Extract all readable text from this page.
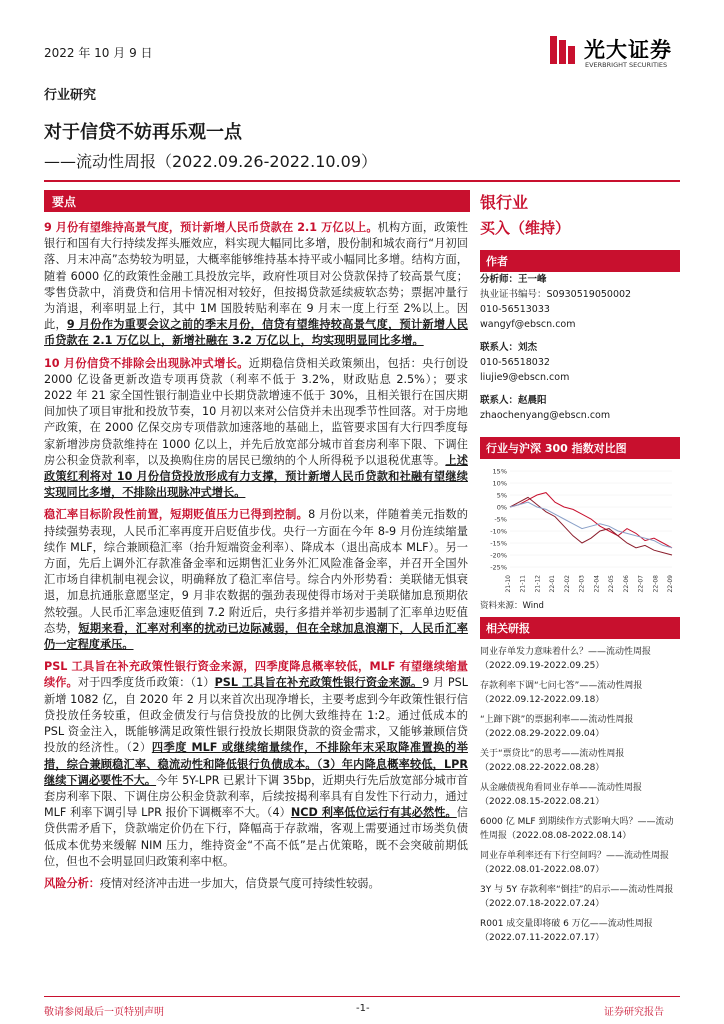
2022 年 10 月 9 日	光大证券
EVERBRIGHT SECURITIES
行业研究
对于信贷不妨再乐观一点
——流动性周报（2022.09.26-2022.10.09）
要点

9 月份有望维持高景气度，预计新增人民币贷款在 2.1 万亿以上。机构方面，政策性银行和国有大行持续发挥头雁效应，料实现大幅同比多增，股份制和城农商行“月初回落、月末冲高”态势较为明显，大概率能够维持基本持平或小幅同比多增。结构方面，随着 6000 亿的政策性金融工具投放完毕，政府性项目对公贷款保持了较高景气度；零售贷款中，消费贷和信用卡情况相对较好，但按揭贷款延续疲软态势；票据冲量行为消退，利率明显上行，其中 1M 国股转贴利率在 9 月末一度上行至 2%以上。因此，9 月份作为重要会议之前的季末月份，信贷有望维持较高景气度，预计新增人民币贷款在 2.1 万亿以上，新增社融在 3.2 万亿以上，均实现明显同比多增。

10 月份信贷不排除会出现脉冲式增长。近期稳信贷相关政策频出，包括：央行创设 2000 亿设备更新改造专项再贷款（利率不低于 3.2%，财政贴息 2.5%）；要求 2022 年 21 家全国性银行制造业中长期贷款增速不低于 30%，且相关银行在国庆期间加快了项目审批和投放节奏，10 月初以来对公信贷并未出现季节性回落。对于房地产政策，在 2000 亿保交房专项借款加速落地的基础上，监管要求国有大行四季度每家新增涉房贷款维持在 1000 亿以上，并先后放宽部分城市首套房利率下限、下调住房公积金贷款利率，以及换购住房的居民已缴纳的个人所得税予以退税优惠等。上述政策红利将对 10 月份信贷投放形成有力支撑，预计新增人民币贷款和社融有望继续实现同比多增，不排除出现脉冲式增长。

稳汇率目标阶段性前置，短期贬值压力已得到控制。8 月份以来，伴随着美元指数的持续强势表现，人民币汇率再度开启贬值步伐。央行一方面在今年 8-9 月份连续缩量续作 MLF，综合兼顾稳汇率（抬升短端资金利率）、降成本（退出高成本 MLF）。另一方面，先后上调外汇存款准备金率和远期售汇业务外汇风险准备金率，并召开全国外汇市场自律机制电视会议，明确释放了稳汇率信号。综合内外形势看：美联储无惧衰退，加息抗通胀意愿坚定，9 月非农数据的强劲表现使得市场对于美联储加息预期依然较强。人民币汇率急速贬值到 7.2 附近后，央行多措并举初步遏制了汇率单边贬值态势，短期来看，汇率对利率的扰动已边际减弱，但在全球加息浪潮下，人民币汇率仍一定程度承压。

PSL 工具旨在补充政策性银行资金来源，四季度降息概率较低，MLF 有望继续缩量续作。对于四季度货币政策：（1）PSL 工具旨在补充政策性银行资金来源。9 月 PSL 新增 1082 亿，自 2020 年 2 月以来首次出现净增长，主要考虑到今年政策性银行信贷投放任务较重，但政金债发行与信贷投放的比例大致维持在 1:2。通过低成本的 PSL 资金注入，既能够满足政策性银行投放长期限贷款的资金需求，又能够兼顾信贷投放的经济性。（2）四季度 MLF 或继续缩量续作，不排除年末采取降准置换的举措，综合兼顾稳汇率、稳流动性和降低银行负债成本。（3）年内降息概率较低，LPR 继续下调必要性不大。今年 5Y-LPR 已累计下调 35bp，近期央行先后放宽部分城市首套房利率下限、下调住房公积金贷款利率，后续按揭利率具有自发性下行动力，通过 MLF 利率下调引导 LPR 报价下调概率不大。（4）NCD 利率低位运行有其必然性。信贷供需矛盾下，贷款端定价仍在下行，降幅高于存款端，客观上需要通过市场类负债低成本优势来缓解 NIM 压力，维持资金“不高不低”是占优策略，既不会突破前期低位，但也不会明显回归政策利率中枢。

风险分析：疫情对经济冲击进一步加大，信贷景气度可持续性较弱。

银行业
买入（维持）
作者
分析师：王一峰
执业证书编号：S0930519050002
010-56513033
wangyf@ebscn.com
联系人：刘杰
010-56518032
liujie9@ebscn.com
联系人：赵晨阳
zhaochenyang@ebscn.com
行业与沪深 300 指数对比图
15%
10%
5%
0%
-5%
-10%
-15%
-20%
-25%
21-10 21-11 21-12 22-01 22-02 22-03 22-04 22-05 22-06 22-07 22-08 22-09
资料来源：Wind
相关研报
同业存单发力意味着什么？——流动性周报
（2022.09.19-2022.09.25）
存款利率下调“七问七答”——流动性周报
（2022.09.12-2022.09.18）
“上蹿下跳”的票据利率——流动性周报
（2022.08.29-2022.09.04）
关于“票贷比”的思考——流动性周报
（2022.08.22-2022.08.28）
从金融债视角看同业存单——流动性周报
（2022.08.15-2022.08.21）
6000 亿 MLF 到期续作方式影响大吗？——流动性周报（2022.08.08-2022.08.14）
同业存单利率还有下行空间吗？——流动性周报（2022.08.01-2022.08.07）
3Y 与 5Y 存款利率“倒挂”的启示——流动性周报（2022.07.18-2022.07.24）
R001 成交量即将破 6 万亿——流动性周报（2022.07.11-2022.07.17）
敬请参阅最后一页特别声明	-1-	证券研究报告
